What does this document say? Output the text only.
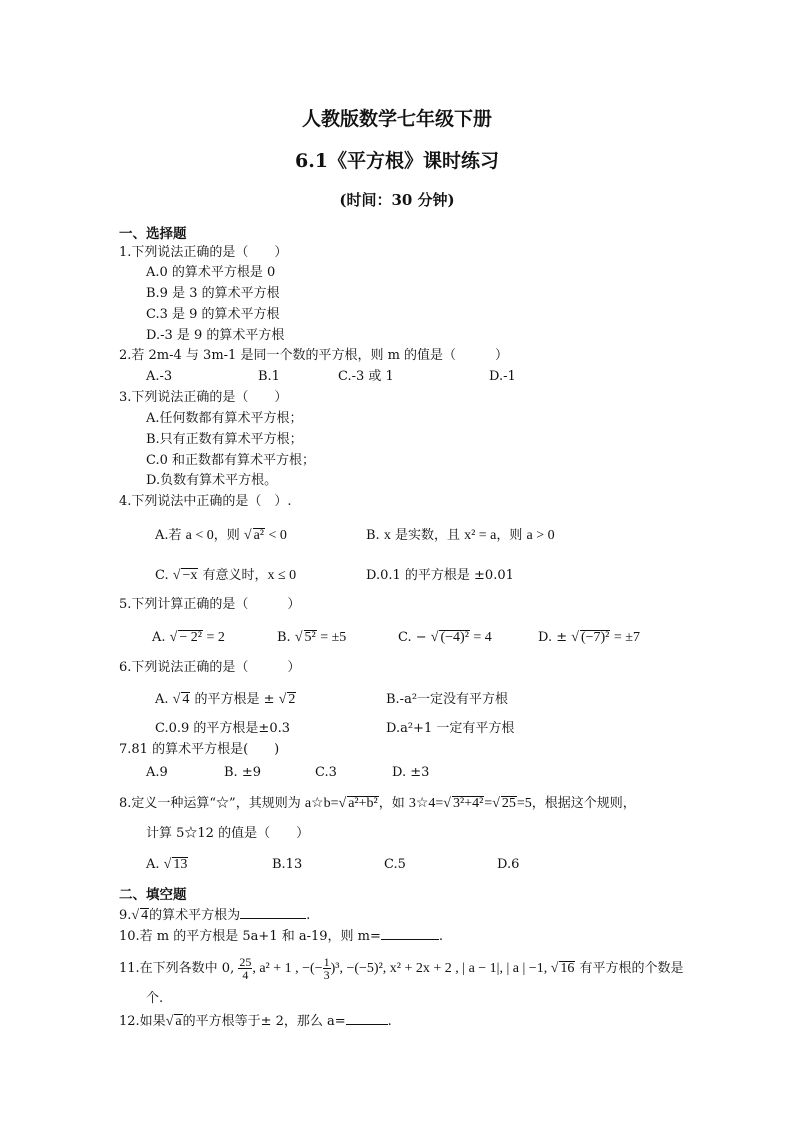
人教版数学七年级下册
6.1《平方根》课时练习
(时间：30 分钟)
一、选择题
1.下列说法正确的是（　　）
A.0 的算术平方根是 0
B.9 是 3 的算术平方根
C.3 是 9 的算术平方根
D.-3 是 9 的算术平方根
2.若 2m-4 与 3m-1 是同一个数的平方根，则 m 的值是（　　　）
A.-3	B.1	C.-3 或 1	D.-1
3.下列说法正确的是（　　）
A.任何数都有算术平方根；
B.只有正数有算术平方根；
C.0 和正数都有算术平方根；
D.负数有算术平方根。
4.下列说法中正确的是（　）.
A.若 a < 0，则 √ a² < 0	B. x 是实数，且 x² = a，则 a > 0
C. √ −x 有意义时，x ≤ 0	D.0.1 的平方根是 ±0.01
5.下列计算正确的是（　　　）
A. √ − 2² = 2	B. √ 5² = ±5	C. − √ (−4)² = 4	D. ± √ (−7)² = ±7
6.下列说法正确的是（　　　）
A. √ 4 的平方根是 ± √ 2	B.-a²一定没有平方根
C.0.9 的平方根是±0.3	D.a²+1 一定有平方根
7.81 的算术平方根是(　　)
A.9	B. ±9	C.3	D. ±3
8.定义一种运算“☆”，其规则为 a☆b=√ a²+b²，如 3☆4=√ 3²+4²=√ 25=5，根据这个规则，
计算 5☆12 的值是（　　）
A. √ 13	B.13	C.5	D.6
二、填空题
9.√ 4的算术平方根为	.
10.若 m 的平方根是 5a+1 和 a-19，则 m=	.
11.在下列各数中 0, $\frac{25}{4}$ , a² + 1 , −(− $\frac{1}{3} )^3$, −(−5)², x² + 2x + 2 , | a − 1|, | a | −1, √ 16 有平方根的个数是
个.
12.如果√ a的平方根等于± 2，那么 a=	.
